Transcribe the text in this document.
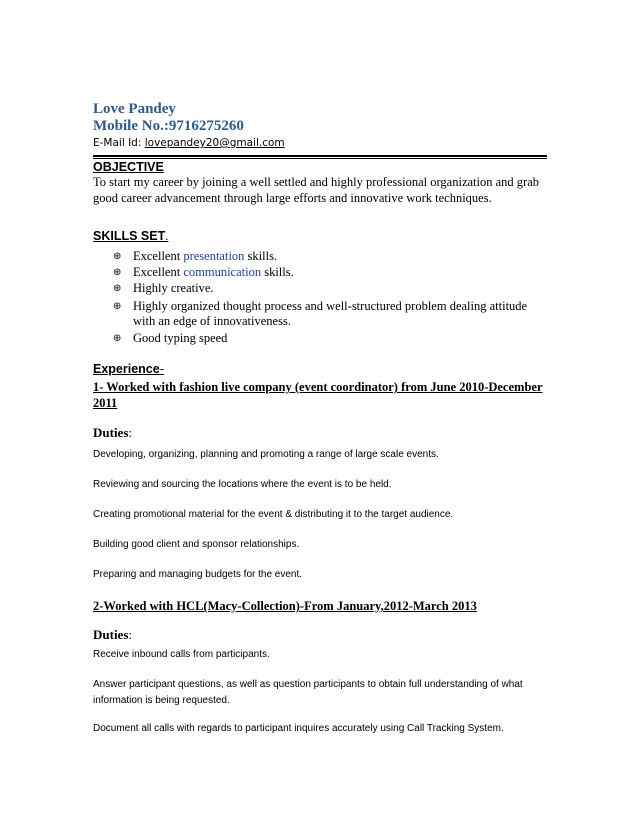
Love Pandey
Mobile No.:9716275260
E-Mail Id: lovepandey20@gmail.com
OBJECTIVE
To start my career by joining a well settled and highly professional organization and grab
good career advancement through large efforts and innovative work techniques.
SKILLS SET.
⊕ Excellent presentation skills.
⊕ Excellent communication skills.
⊕ Highly creative.
⊕ Highly organized thought process and well-structured problem dealing attitude
with an edge of innovativeness.
⊕ Good typing speed
Experience-
1- Worked with fashion live company (event coordinator) from June 2010-December
2011
Duties:
Developing, organizing, planning and promoting a range of large scale events.
Reviewing and sourcing the locations where the event is to be held.
Creating promotional material for the event & distributing it to the target audience.
Building good client and sponsor relationships.
Preparing and managing budgets for the event.
2-Worked with HCL(Macy-Collection)-From January,2012-March 2013
Duties:
Receive inbound calls from participants.
Answer participant questions, as well as question participants to obtain full understanding of what
information is being requested.
Document all calls with regards to participant inquires accurately using Call Tracking System.
